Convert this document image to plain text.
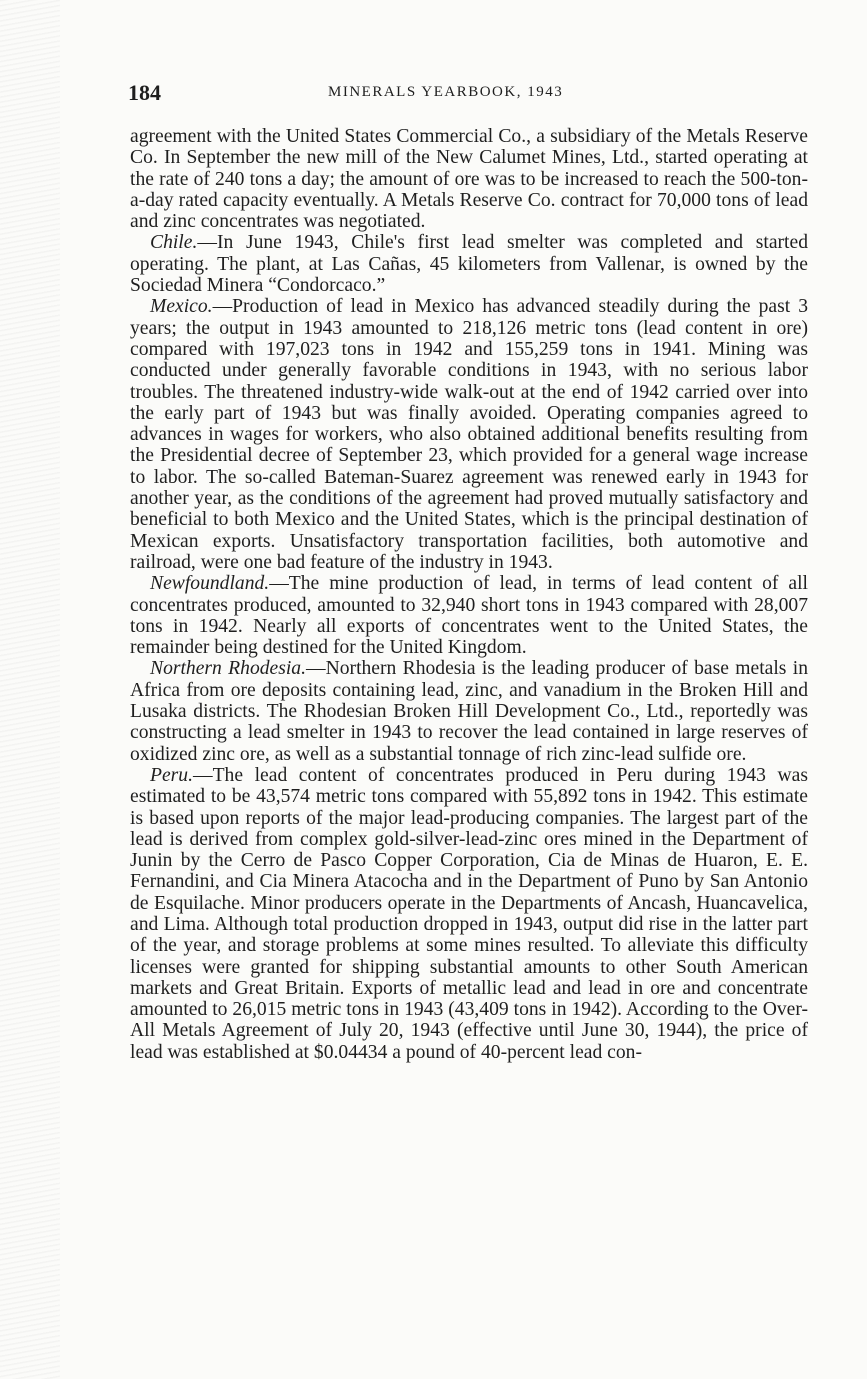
184	MINERALS YEARBOOK, 1943

agreement with the United States Commercial Co., a subsidiary of the Metals Reserve Co. In September the new mill of the New Calumet Mines, Ltd., started operating at the rate of 240 tons a day; the amount of ore was to be increased to reach the 500-ton-a-day rated capacity eventually. A Metals Reserve Co. contract for 70,000 tons of lead and zinc concentrates was negotiated.

Chile.—In June 1943, Chile's first lead smelter was completed and started operating. The plant, at Las Cañas, 45 kilometers from Vallenar, is owned by the Sociedad Minera “Condorcaco.”

Mexico.—Production of lead in Mexico has advanced steadily during the past 3 years; the output in 1943 amounted to 218,126 metric tons (lead content in ore) compared with 197,023 tons in 1942 and 155,259 tons in 1941. Mining was conducted under generally favorable conditions in 1943, with no serious labor troubles. The threatened industry-wide walk-out at the end of 1942 carried over into the early part of 1943 but was finally avoided. Operating companies agreed to advances in wages for workers, who also obtained additional benefits resulting from the Presidential decree of September 23, which provided for a general wage increase to labor. The so-called Bateman-Suarez agreement was renewed early in 1943 for another year, as the conditions of the agreement had proved mutually satisfactory and beneficial to both Mexico and the United States, which is the principal destination of Mexican exports. Unsatisfactory transportation facilities, both automotive and railroad, were one bad feature of the industry in 1943.

Newfoundland.—The mine production of lead, in terms of lead content of all concentrates produced, amounted to 32,940 short tons in 1943 compared with 28,007 tons in 1942. Nearly all exports of concentrates went to the United States, the remainder being destined for the United Kingdom.

Northern Rhodesia.—Northern Rhodesia is the leading producer of base metals in Africa from ore deposits containing lead, zinc, and vanadium in the Broken Hill and Lusaka districts. The Rhodesian Broken Hill Development Co., Ltd., reportedly was constructing a lead smelter in 1943 to recover the lead contained in large reserves of oxidized zinc ore, as well as a substantial tonnage of rich zinc-lead sulfide ore.

Peru.—The lead content of concentrates produced in Peru during 1943 was estimated to be 43,574 metric tons compared with 55,892 tons in 1942. This estimate is based upon reports of the major lead-producing companies. The largest part of the lead is derived from complex gold-silver-lead-zinc ores mined in the Department of Junin by the Cerro de Pasco Copper Corporation, Cia de Minas de Huaron, E. E. Fernandini, and Cia Minera Atacocha and in the Department of Puno by San Antonio de Esquilache. Minor producers operate in the Departments of Ancash, Huancavelica, and Lima. Although total production dropped in 1943, output did rise in the latter part of the year, and storage problems at some mines resulted. To alleviate this difficulty licenses were granted for shipping substantial amounts to other South American markets and Great Britain. Exports of metallic lead and lead in ore and concentrate amounted to 26,015 metric tons in 1943 (43,409 tons in 1942). According to the Over-All Metals Agreement of July 20, 1943 (effective until June 30, 1944), the price of lead was established at $0.04434 a pound of 40-percent lead con-
